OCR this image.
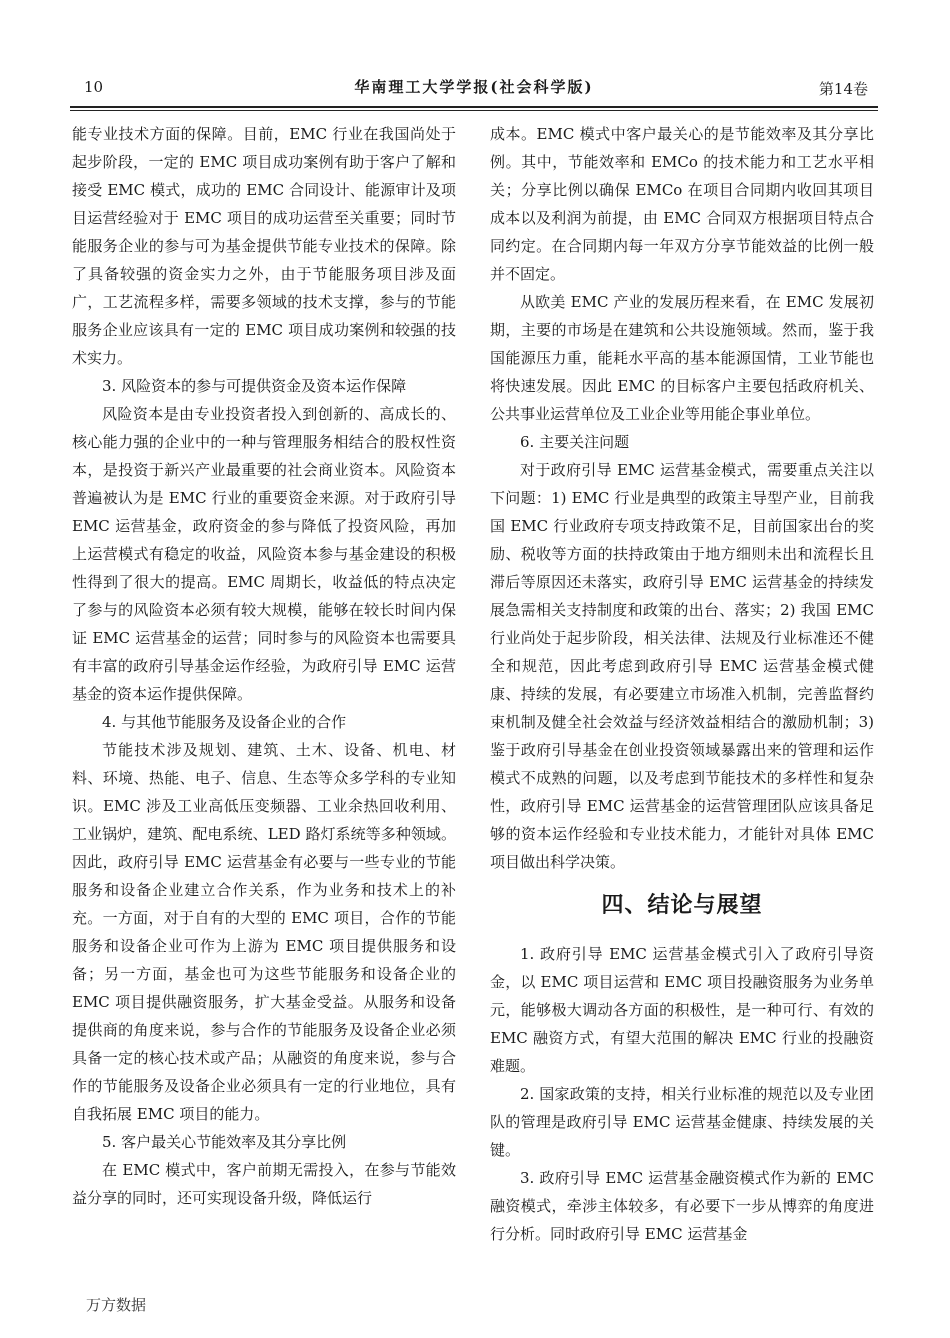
10	华南理工大学学报(社会科学版)	第14卷

能专业技术方面的保障。目前，EMC 行业在我国尚处于起步阶段，一定的 EMC 项目成功案例有助于客户了解和接受 EMC 模式，成功的 EMC 合同设计、能源审计及项目运营经验对于 EMC 项目的成功运营至关重要；同时节能服务企业的参与可为基金提供节能专业技术的保障。除了具备较强的资金实力之外，由于节能服务项目涉及面广，工艺流程多样，需要多领域的技术支撑，参与的节能服务企业应该具有一定的 EMC 项目成功案例和较强的技术实力。

3. 风险资本的参与可提供资金及资本运作保障

风险资本是由专业投资者投入到创新的、高成长的、核心能力强的企业中的一种与管理服务相结合的股权性资本，是投资于新兴产业最重要的社会商业资本。风险资本普遍被认为是 EMC 行业的重要资金来源。对于政府引导 EMC 运营基金，政府资金的参与降低了投资风险，再加上运营模式有稳定的收益，风险资本参与基金建设的积极性得到了很大的提高。EMC 周期长，收益低的特点决定了参与的风险资本必须有较大规模，能够在较长时间内保证 EMC 运营基金的运营；同时参与的风险资本也需要具有丰富的政府引导基金运作经验，为政府引导 EMC 运营基金的资本运作提供保障。

4. 与其他节能服务及设备企业的合作

节能技术涉及规划、建筑、土木、设备、机电、材料、环境、热能、电子、信息、生态等众多学科的专业知识。EMC 涉及工业高低压变频器、工业余热回收利用、工业锅炉，建筑、配电系统、LED 路灯系统等多种领域。因此，政府引导 EMC 运营基金有必要与一些专业的节能服务和设备企业建立合作关系，作为业务和技术上的补充。一方面，对于自有的大型的 EMC 项目，合作的节能服务和设备企业可作为上游为 EMC 项目提供服务和设备；另一方面，基金也可为这些节能服务和设备企业的 EMC 项目提供融资服务，扩大基金受益。从服务和设备提供商的角度来说，参与合作的节能服务及设备企业必须具备一定的核心技术或产品；从融资的角度来说，参与合作的节能服务及设备企业必须具有一定的行业地位，具有自我拓展 EMC 项目的能力。

5. 客户最关心节能效率及其分享比例

在 EMC 模式中，客户前期无需投入，在参与节能效益分享的同时，还可实现设备升级，降低运行

成本。EMC 模式中客户最关心的是节能效率及其分享比例。其中，节能效率和 EMCo 的技术能力和工艺水平相关；分享比例以确保 EMCo 在项目合同期内收回其项目成本以及利润为前提，由 EMC 合同双方根据项目特点合同约定。在合同期内每一年双方分享节能效益的比例一般并不固定。

从欧美 EMC 产业的发展历程来看，在 EMC 发展初期，主要的市场是在建筑和公共设施领域。然而，鉴于我国能源压力重，能耗水平高的基本能源国情，工业节能也将快速发展。因此 EMC 的目标客户主要包括政府机关、公共事业运营单位及工业企业等用能企事业单位。

6. 主要关注问题

对于政府引导 EMC 运营基金模式，需要重点关注以下问题：1) EMC 行业是典型的政策主导型产业，目前我国 EMC 行业政府专项支持政策不足，目前国家出台的奖励、税收等方面的扶持政策由于地方细则未出和流程长且滞后等原因还未落实，政府引导 EMC 运营基金的持续发展急需相关支持制度和政策的出台、落实；2) 我国 EMC 行业尚处于起步阶段，相关法律、法规及行业标准还不健全和规范，因此考虑到政府引导 EMC 运营基金模式健康、持续的发展，有必要建立市场准入机制，完善监督约束机制及健全社会效益与经济效益相结合的激励机制；3) 鉴于政府引导基金在创业投资领域暴露出来的管理和运作模式不成熟的问题，以及考虑到节能技术的多样性和复杂性，政府引导 EMC 运营基金的运营管理团队应该具备足够的资本运作经验和专业技术能力，才能针对具体 EMC 项目做出科学决策。

四、结论与展望

1. 政府引导 EMC 运营基金模式引入了政府引导资金，以 EMC 项目运营和 EMC 项目投融资服务为业务单元，能够极大调动各方面的积极性，是一种可行、有效的 EMC 融资方式，有望大范围的解决 EMC 行业的投融资难题。

2. 国家政策的支持，相关行业标准的规范以及专业团队的管理是政府引导 EMC 运营基金健康、持续发展的关键。

3. 政府引导 EMC 运营基金融资模式作为新的 EMC 融资模式，牵涉主体较多，有必要下一步从博弈的角度进行分析。同时政府引导 EMC 运营基金

万方数据
